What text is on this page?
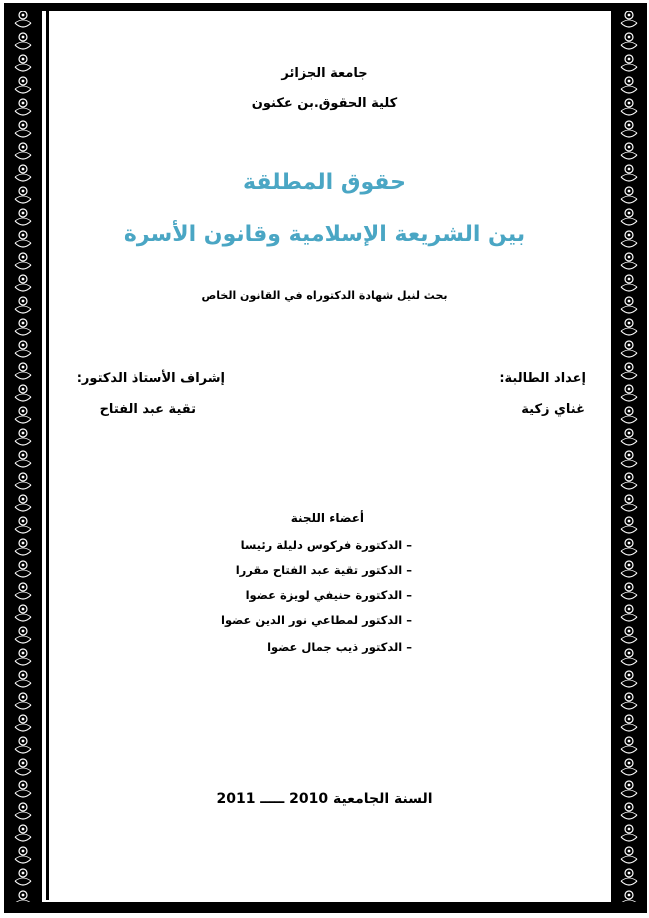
جامعة الجزائر
كلية الحقوق.بن عكنون
حقوق المطلقة
بين الشريعة الإسلامية وقانون الأسرة
بحث لنيل شهادة الدكتوراه في القانون الخاص
إعداد الطالبة:
إشراف الأستاذ الدكتور:
غناي زكية
تقية عبد الفتاح
أعضاء اللجنة
– الدكتورة فركوس دليلة رئيسا
– الدكتور تقية عبد الفتاح مقررا
– الدكتورة حنيفي لويزة عضوا
– الدكتور لمطاعي نور الدين عضوا
– الدكتور ذيب جمال عضوا
السنة الجامعية 2010 ـــــ 2011
